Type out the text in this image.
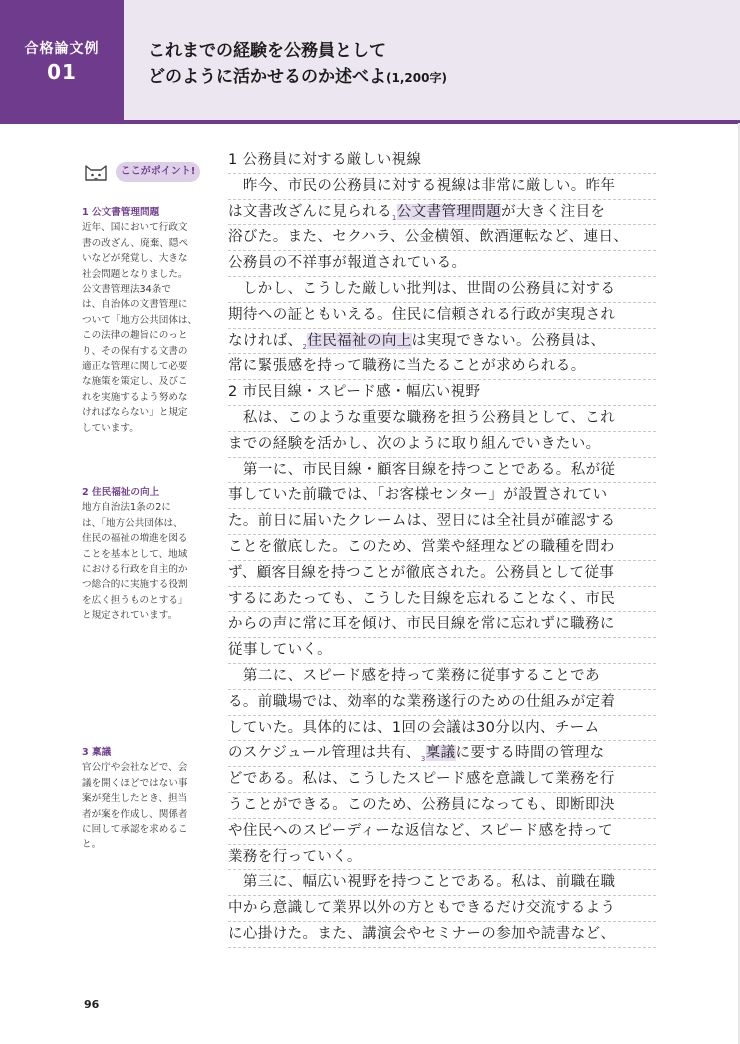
合格論文例
01
これまでの経験を公務員として
どのように活かせるのか述べよ(1,200字)
ここがポイント!
1 公文書管理問題
近年、国において行政文
書の改ざん、廃棄、隠ぺ
いなどが発覚し、大きな
社会問題となりました。
公文書管理法34条で
は、自治体の文書管理に
ついて「地方公共団体は、
この法律の趣旨にのっと
り、その保有する文書の
適正な管理に関して必要
な施策を策定し、及びこ
れを実施するよう努めな
ければならない」と規定
しています。
2 住民福祉の向上
地方自治法1条の2に
は、「地方公共団体は、
住民の福祉の増進を図る
ことを基本として、地域
における行政を自主的か
つ総合的に実施する役割
を広く担うものとする」
と規定されています。
3 稟議
官公庁や会社などで、会
議を開くほどではない事
案が発生したとき、担当
者が案を作成し、関係者
に回して承認を求めるこ
と。
1 公務員に対する厳しい視線
　昨今、市民の公務員に対する視線は非常に厳しい。昨年
は文書改ざんに見られる$_1$公文書管理問題が大きく注目を
浴びた。また、セクハラ、公金横領、飲酒運転など、連日、
公務員の不祥事が報道されている。
　しかし、こうした厳しい批判は、世間の公務員に対する
期待への証ともいえる。住民に信頼される行政が実現され
なければ、$_2$住民福祉の向上は実現できない。公務員は、
常に緊張感を持って職務に当たることが求められる。
2 市民目線・スピード感・幅広い視野
　私は、このような重要な職務を担う公務員として、これ
までの経験を活かし、次のように取り組んでいきたい。
　第一に、市民目線・顧客目線を持つことである。私が従
事していた前職では、「お客様センター」が設置されてい
た。前日に届いたクレームは、翌日には全社員が確認する
ことを徹底した。このため、営業や経理などの職種を問わ
ず、顧客目線を持つことが徹底された。公務員として従事
するにあたっても、こうした目線を忘れることなく、市民
からの声に常に耳を傾け、市民目線を常に忘れずに職務に
従事していく。
　第二に、スピード感を持って業務に従事することであ
る。前職場では、効率的な業務遂行のための仕組みが定着
していた。具体的には、1回の会議は30分以内、チーム
のスケジュール管理は共有、$_3$稟議に要する時間の管理な
どである。私は、こうしたスピード感を意識して業務を行
うことができる。このため、公務員になっても、即断即決
や住民へのスピーディーな返信など、スピード感を持って
業務を行っていく。
　第三に、幅広い視野を持つことである。私は、前職在職
中から意識して業界以外の方ともできるだけ交流するよう
に心掛けた。また、講演会やセミナーの参加や読書など、
96
